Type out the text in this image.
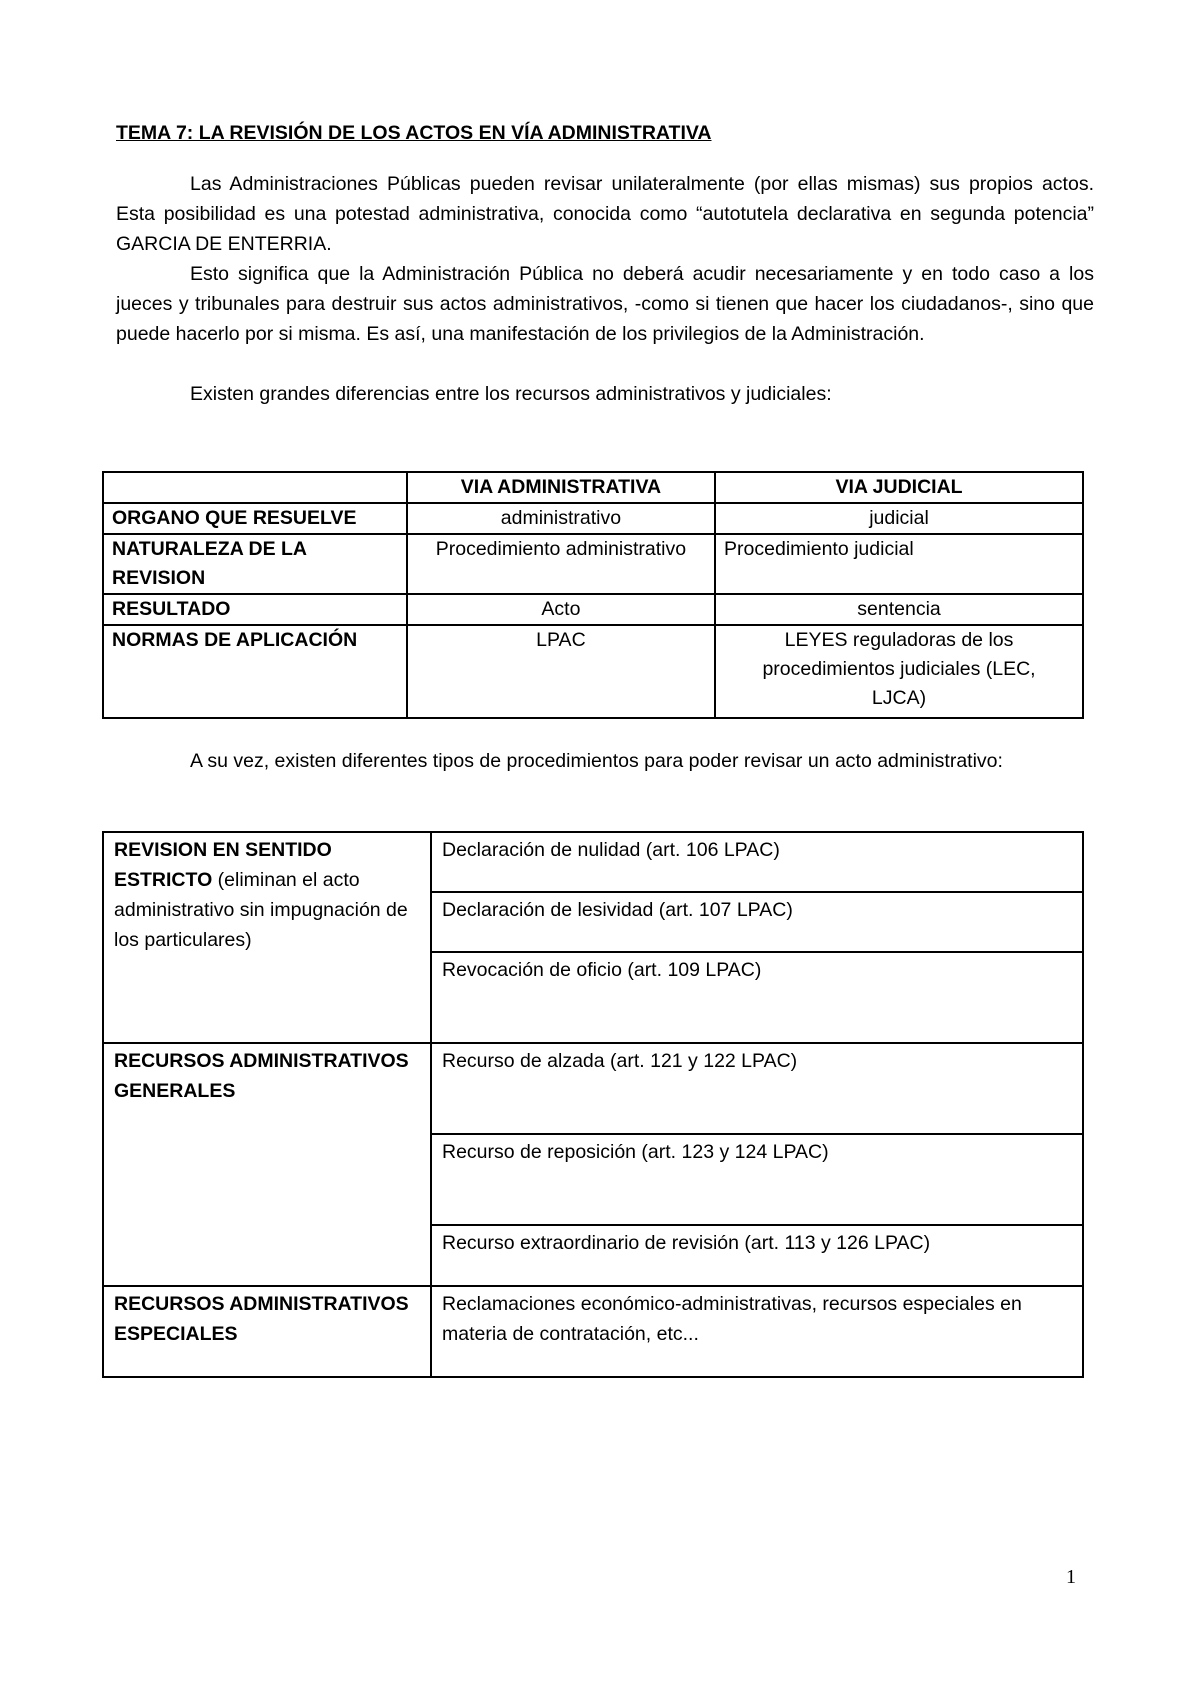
TEMA 7: LA REVISIÓN DE LOS ACTOS EN VÍA ADMINISTRATIVA

Las Administraciones Públicas pueden revisar unilateralmente (por ellas mismas) sus propios actos. Esta posibilidad es una potestad administrativa, conocida como “autotutela declarativa en segunda potencia” GARCIA DE ENTERRIA.

Esto significa que la Administración Pública no deberá acudir necesariamente y en todo caso a los jueces y tribunales para destruir sus actos administrativos, -como si tienen que hacer los ciudadanos-, sino que puede hacerlo por si misma. Es así, una manifestación de los privilegios de la Administración.

Existen grandes diferencias entre los recursos administrativos y judiciales:

	VIA ADMINISTRATIVA	VIA JUDICIAL
ORGANO QUE RESUELVE	administrativo	judicial
NATURALEZA DE LA REVISION	Procedimiento administrativo	Procedimiento judicial
RESULTADO	Acto	sentencia
NORMAS DE APLICACIÓN	LPAC	LEYES reguladoras de los procedimientos judiciales (LEC, LJCA)

A su vez, existen diferentes tipos de procedimientos para poder revisar un acto administrativo:

REVISION EN SENTIDO ESTRICTO (eliminan el acto administrativo sin impugnación de los particulares)	Declaración de nulidad (art. 106 LPAC)
	Declaración de lesividad (art. 107 LPAC)
	Revocación de oficio (art. 109 LPAC)
RECURSOS ADMINISTRATIVOS GENERALES	Recurso de alzada (art. 121 y 122 LPAC)
	Recurso de reposición (art. 123 y 124 LPAC)
	Recurso extraordinario de revisión (art. 113 y 126 LPAC)
RECURSOS ADMINISTRATIVOS ESPECIALES	Reclamaciones económico-administrativas, recursos especiales en materia de contratación, etc...
1
